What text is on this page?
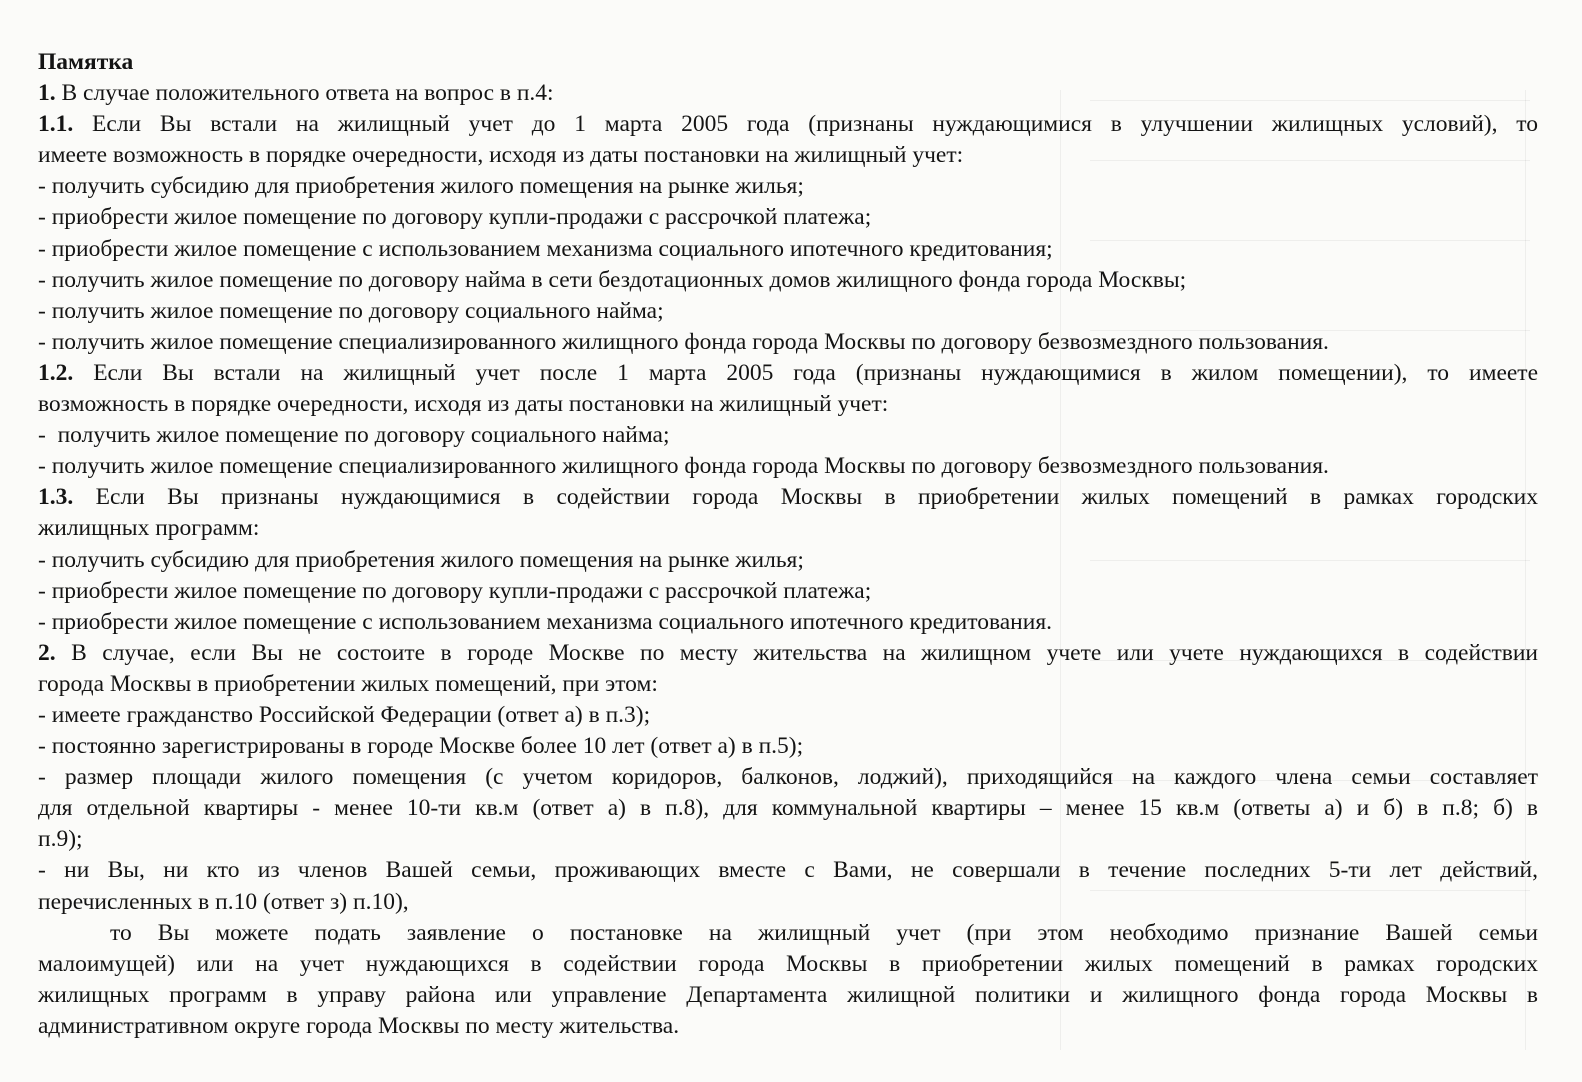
Памятка
1. В случае положительного ответа на вопрос в п.4:
1.1. Если Вы встали на жилищный учет до 1 марта 2005 года (признаны нуждающимися в улучшении жилищных условий), то
имеете возможность в порядке очередности, исходя из даты постановки на жилищный учет:
- получить субсидию для приобретения жилого помещения на рынке жилья;
- приобрести жилое помещение по договору купли-продажи с рассрочкой платежа;
- приобрести жилое помещение с использованием механизма социального ипотечного кредитования;
- получить жилое помещение по договору найма в сети бездотационных домов жилищного фонда города Москвы;
- получить жилое помещение по договору социального найма;
- получить жилое помещение специализированного жилищного фонда города Москвы по договору безвозмездного пользования.
1.2. Если Вы встали на жилищный учет после 1 марта 2005 года (признаны нуждающимися в жилом помещении), то имеете
возможность в порядке очередности, исходя из даты постановки на жилищный учет:
-  получить жилое помещение по договору социального найма;
- получить жилое помещение специализированного жилищного фонда города Москвы по договору безвозмездного пользования.
1.3. Если Вы признаны нуждающимися в содействии города Москвы в приобретении жилых помещений в рамках городских
жилищных программ:
- получить субсидию для приобретения жилого помещения на рынке жилья;
- приобрести жилое помещение по договору купли-продажи с рассрочкой платежа;
- приобрести жилое помещение с использованием механизма социального ипотечного кредитования.
2. В случае, если Вы не состоите в городе Москве по месту жительства на жилищном учете или учете нуждающихся в содействии
города Москвы в приобретении жилых помещений, при этом:
- имеете гражданство Российской Федерации (ответ а) в п.3);
- постоянно зарегистрированы в городе Москве более 10 лет (ответ а) в п.5);
- размер площади жилого помещения (с учетом коридоров, балконов, лоджий), приходящийся на каждого члена семьи составляет
для отдельной квартиры - менее 10-ти кв.м (ответ а) в п.8), для коммунальной квартиры – менее 15 кв.м (ответы а) и б) в п.8; б) в
п.9);
- ни Вы, ни кто из членов Вашей семьи, проживающих вместе с Вами, не совершали в течение последних 5-ти лет действий,
перечисленных в п.10 (ответ з) п.10),
то Вы можете подать заявление о постановке на жилищный учет (при этом необходимо признание Вашей семьи
малоимущей) или на учет нуждающихся в содействии города Москвы в приобретении жилых помещений в рамках городских
жилищных программ в управу района или управление Департамента жилищной политики и жилищного фонда города Москвы в
административном округе города Москвы по месту жительства.
